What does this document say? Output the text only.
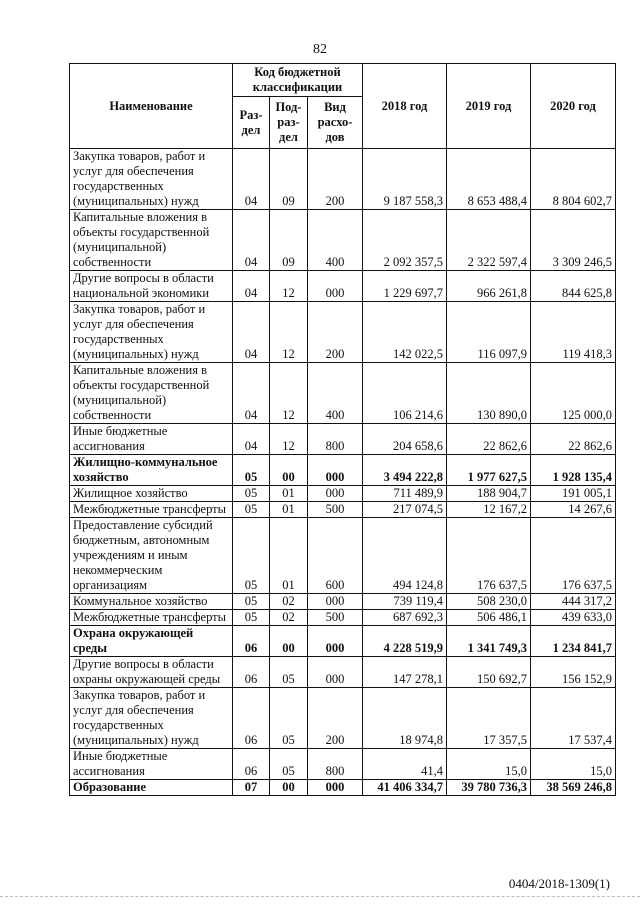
82
Наименование	Код бюджетной классификации			2018 год	2019 год	2020 год
	Раз-дел	Под-раз-дел	Вид расхо-дов			
Закупка товаров, работ и услуг для обеспечения государственных (муниципальных) нужд	04	09	200	9 187 558,3	8 653 488,4	8 804 602,7
Капитальные вложения в объекты государственной (муниципальной) собственности	04	09	400	2 092 357,5	2 322 597,4	3 309 246,5
Другие вопросы в области национальной экономики	04	12	000	1 229 697,7	966 261,8	844 625,8
Закупка товаров, работ и услуг для обеспечения государственных (муниципальных) нужд	04	12	200	142 022,5	116 097,9	119 418,3
Капитальные вложения в объекты государственной (муниципальной) собственности	04	12	400	106 214,6	130 890,0	125 000,0
Иные бюджетные ассигнования	04	12	800	204 658,6	22 862,6	22 862,6
Жилищно-коммунальное хозяйство	05	00	000	3 494 222,8	1 977 627,5	1 928 135,4
Жилищное хозяйство	05	01	000	711 489,9	188 904,7	191 005,1
Межбюджетные трансферты	05	01	500	217 074,5	12 167,2	14 267,6
Предоставление субсидий бюджетным, автономным учреждениям и иным некоммерческим организациям	05	01	600	494 124,8	176 637,5	176 637,5
Коммунальное хозяйство	05	02	000	739 119,4	508 230,0	444 317,2
Межбюджетные трансферты	05	02	500	687 692,3	506 486,1	439 633,0
Охрана окружающей среды	06	00	000	4 228 519,9	1 341 749,3	1 234 841,7
Другие вопросы в области охраны окружающей среды	06	05	000	147 278,1	150 692,7	156 152,9
Закупка товаров, работ и услуг для обеспечения государственных (муниципальных) нужд	06	05	200	18 974,8	17 357,5	17 537,4
Иные бюджетные ассигнования	06	05	800	41,4	15,0	15,0
Образование	07	00	000	41 406 334,7	39 780 736,3	38 569 246,8
0404/2018-1309(1)
